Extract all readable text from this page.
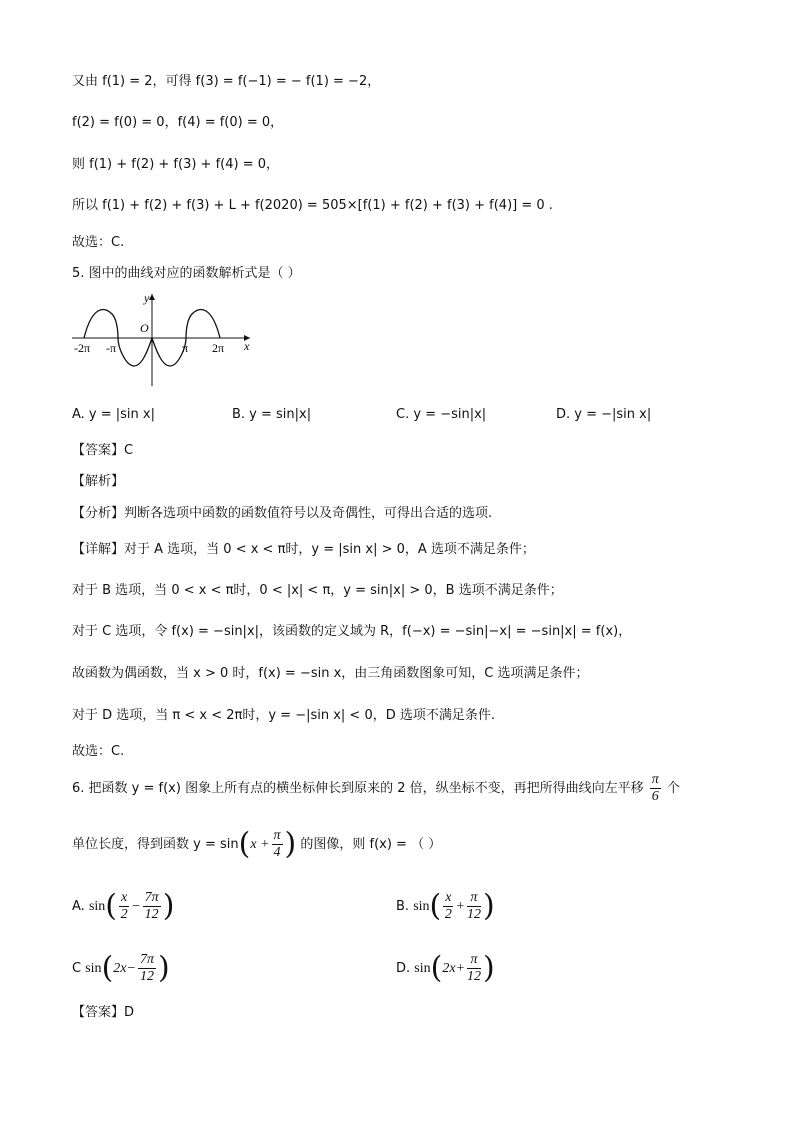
又由 f(1) = 2，可得 f(3) = f(−1) = − f(1) = −2，
f(2) = f(0) = 0，f(4) = f(0) = 0，
则 f(1) + f(2) + f(3) + f(4) = 0，
所以 f(1) + f(2) + f(3) + L + f(2020) = 505×[f(1) + f(2) + f(3) + f(4)] = 0 .
故选：C.
5. 图中的曲线对应的函数解析式是（ ）
y
x
O
-2π -π	π 2π
A. y = |sin x|	B. y = sin|x|	C. y = −sin|x|	D. y = −|sin x|
【答案】C
【解析】
【分析】判断各选项中函数的函数值符号以及奇偶性，可得出合适的选项.
【详解】对于 A 选项，当 0 < x < π时，y = |sin x| > 0，A 选项不满足条件；
对于 B 选项，当 0 < x < π时，0 < |x| < π，y = sin|x| > 0，B 选项不满足条件；
对于 C 选项，令 f(x) = −sin|x|，该函数的定义域为 R，f(−x) = −sin|−x| = −sin|x| = f(x)，
故函数为偶函数，当 x > 0 时，f(x) = −sin x，由三角函数图象可知，C 选项满足条件；
对于 D 选项，当 π < x < 2π时，y = −|sin x| < 0，D 选项不满足条件.
故选：C.
6. 把函数 y = f(x) 图象上所有点的横坐标伸长到原来的 2 倍，纵坐标不变，再把所得曲线向左平移 $\frac{\pi}{6}$ 个
单位长度，得到函数 $y = \sin(x + \frac{\pi}{4}$ ) 的图像，则 f(x) = （ ）
A. $\sin( \frac{x}{2} - \frac{7\pi}{12}$ )	B. $\sin( \frac{x}{2} + \frac{\pi}{12}$ )
C $\sin(2x- \frac{7\pi}{12}$ )	D. $\sin(2x+ \frac{\pi}{12}$ )
【答案】D
